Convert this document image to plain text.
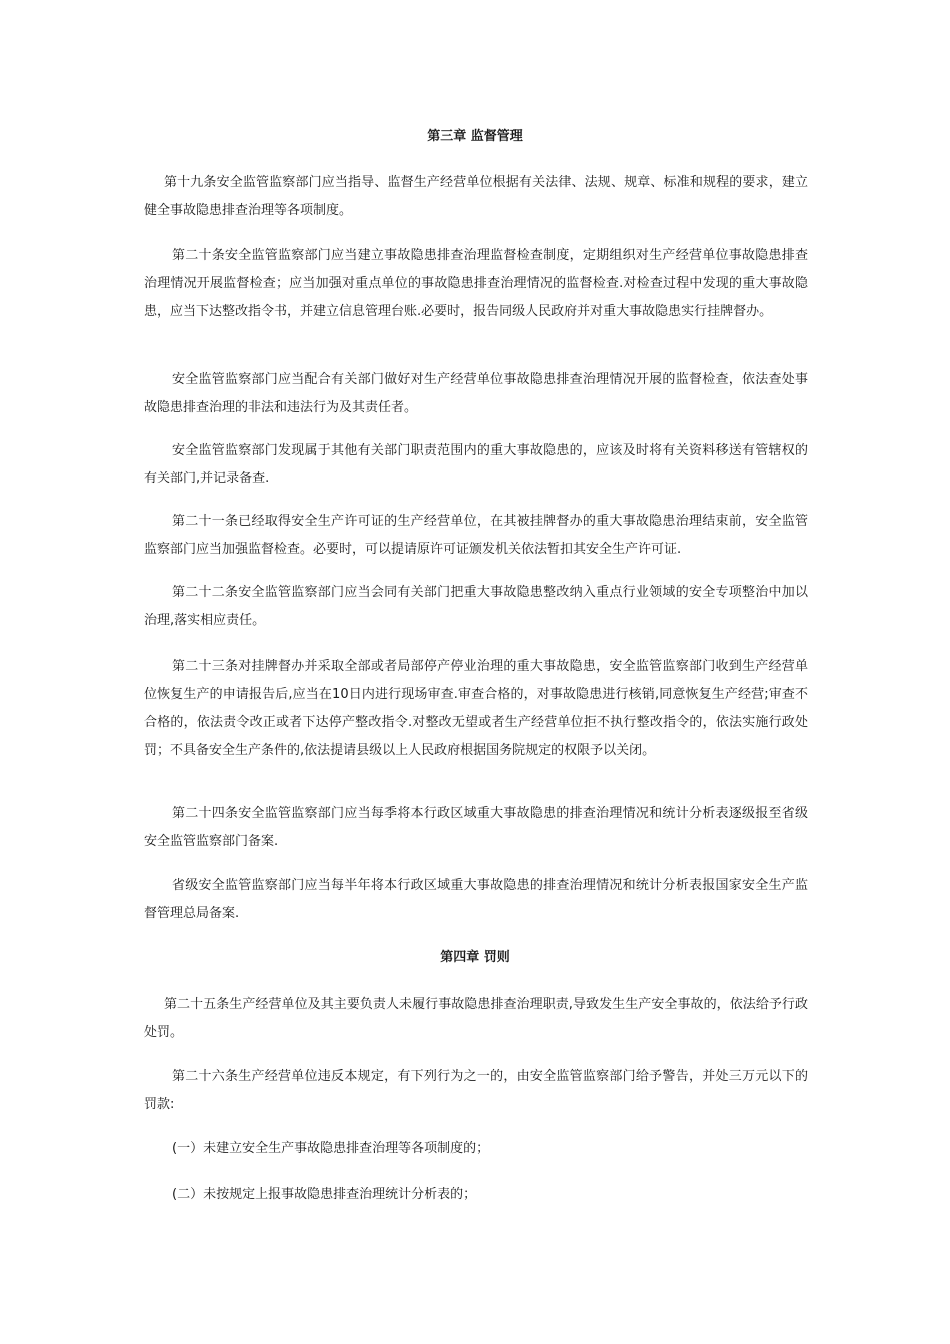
第三章 监督管理

第十九条安全监管监察部门应当指导、监督生产经营单位根据有关法律、法规、规章、标准和规程的要求，建立健全事故隐患排查治理等各项制度。

第二十条安全监管监察部门应当建立事故隐患排查治理监督检查制度，定期组织对生产经营单位事故隐患排查治理情况开展监督检查；应当加强对重点单位的事故隐患排查治理情况的监督检查.对检查过程中发现的重大事故隐患，应当下达整改指令书，并建立信息管理台账.必要时，报告同级人民政府并对重大事故隐患实行挂牌督办。

安全监管监察部门应当配合有关部门做好对生产经营单位事故隐患排查治理情况开展的监督检查，依法查处事故隐患排查治理的非法和违法行为及其责任者。

安全监管监察部门发现属于其他有关部门职责范围内的重大事故隐患的，应该及时将有关资料移送有管辖权的有关部门,并记录备查.

第二十一条已经取得安全生产许可证的生产经营单位，在其被挂牌督办的重大事故隐患治理结束前，安全监管监察部门应当加强监督检查。必要时，可以提请原许可证颁发机关依法暂扣其安全生产许可证.

第二十二条安全监管监察部门应当会同有关部门把重大事故隐患整改纳入重点行业领域的安全专项整治中加以治理,落实相应责任。

第二十三条对挂牌督办并采取全部或者局部停产停业治理的重大事故隐患，安全监管监察部门收到生产经营单位恢复生产的申请报告后,应当在10日内进行现场审查.审查合格的，对事故隐患进行核销,同意恢复生产经营;审查不合格的，依法责令改正或者下达停产整改指令.对整改无望或者生产经营单位拒不执行整改指令的，依法实施行政处罚；不具备安全生产条件的,依法提请县级以上人民政府根据国务院规定的权限予以关闭。

第二十四条安全监管监察部门应当每季将本行政区域重大事故隐患的排查治理情况和统计分析表逐级报至省级安全监管监察部门备案.

省级安全监管监察部门应当每半年将本行政区域重大事故隐患的排查治理情况和统计分析表报国家安全生产监督管理总局备案.

第四章 罚则

第二十五条生产经营单位及其主要负责人未履行事故隐患排查治理职责,导致发生生产安全事故的，依法给予行政处罚。

第二十六条生产经营单位违反本规定，有下列行为之一的，由安全监管监察部门给予警告，并处三万元以下的罚款:

(一）未建立安全生产事故隐患排查治理等各项制度的；

(二）未按规定上报事故隐患排查治理统计分析表的；
